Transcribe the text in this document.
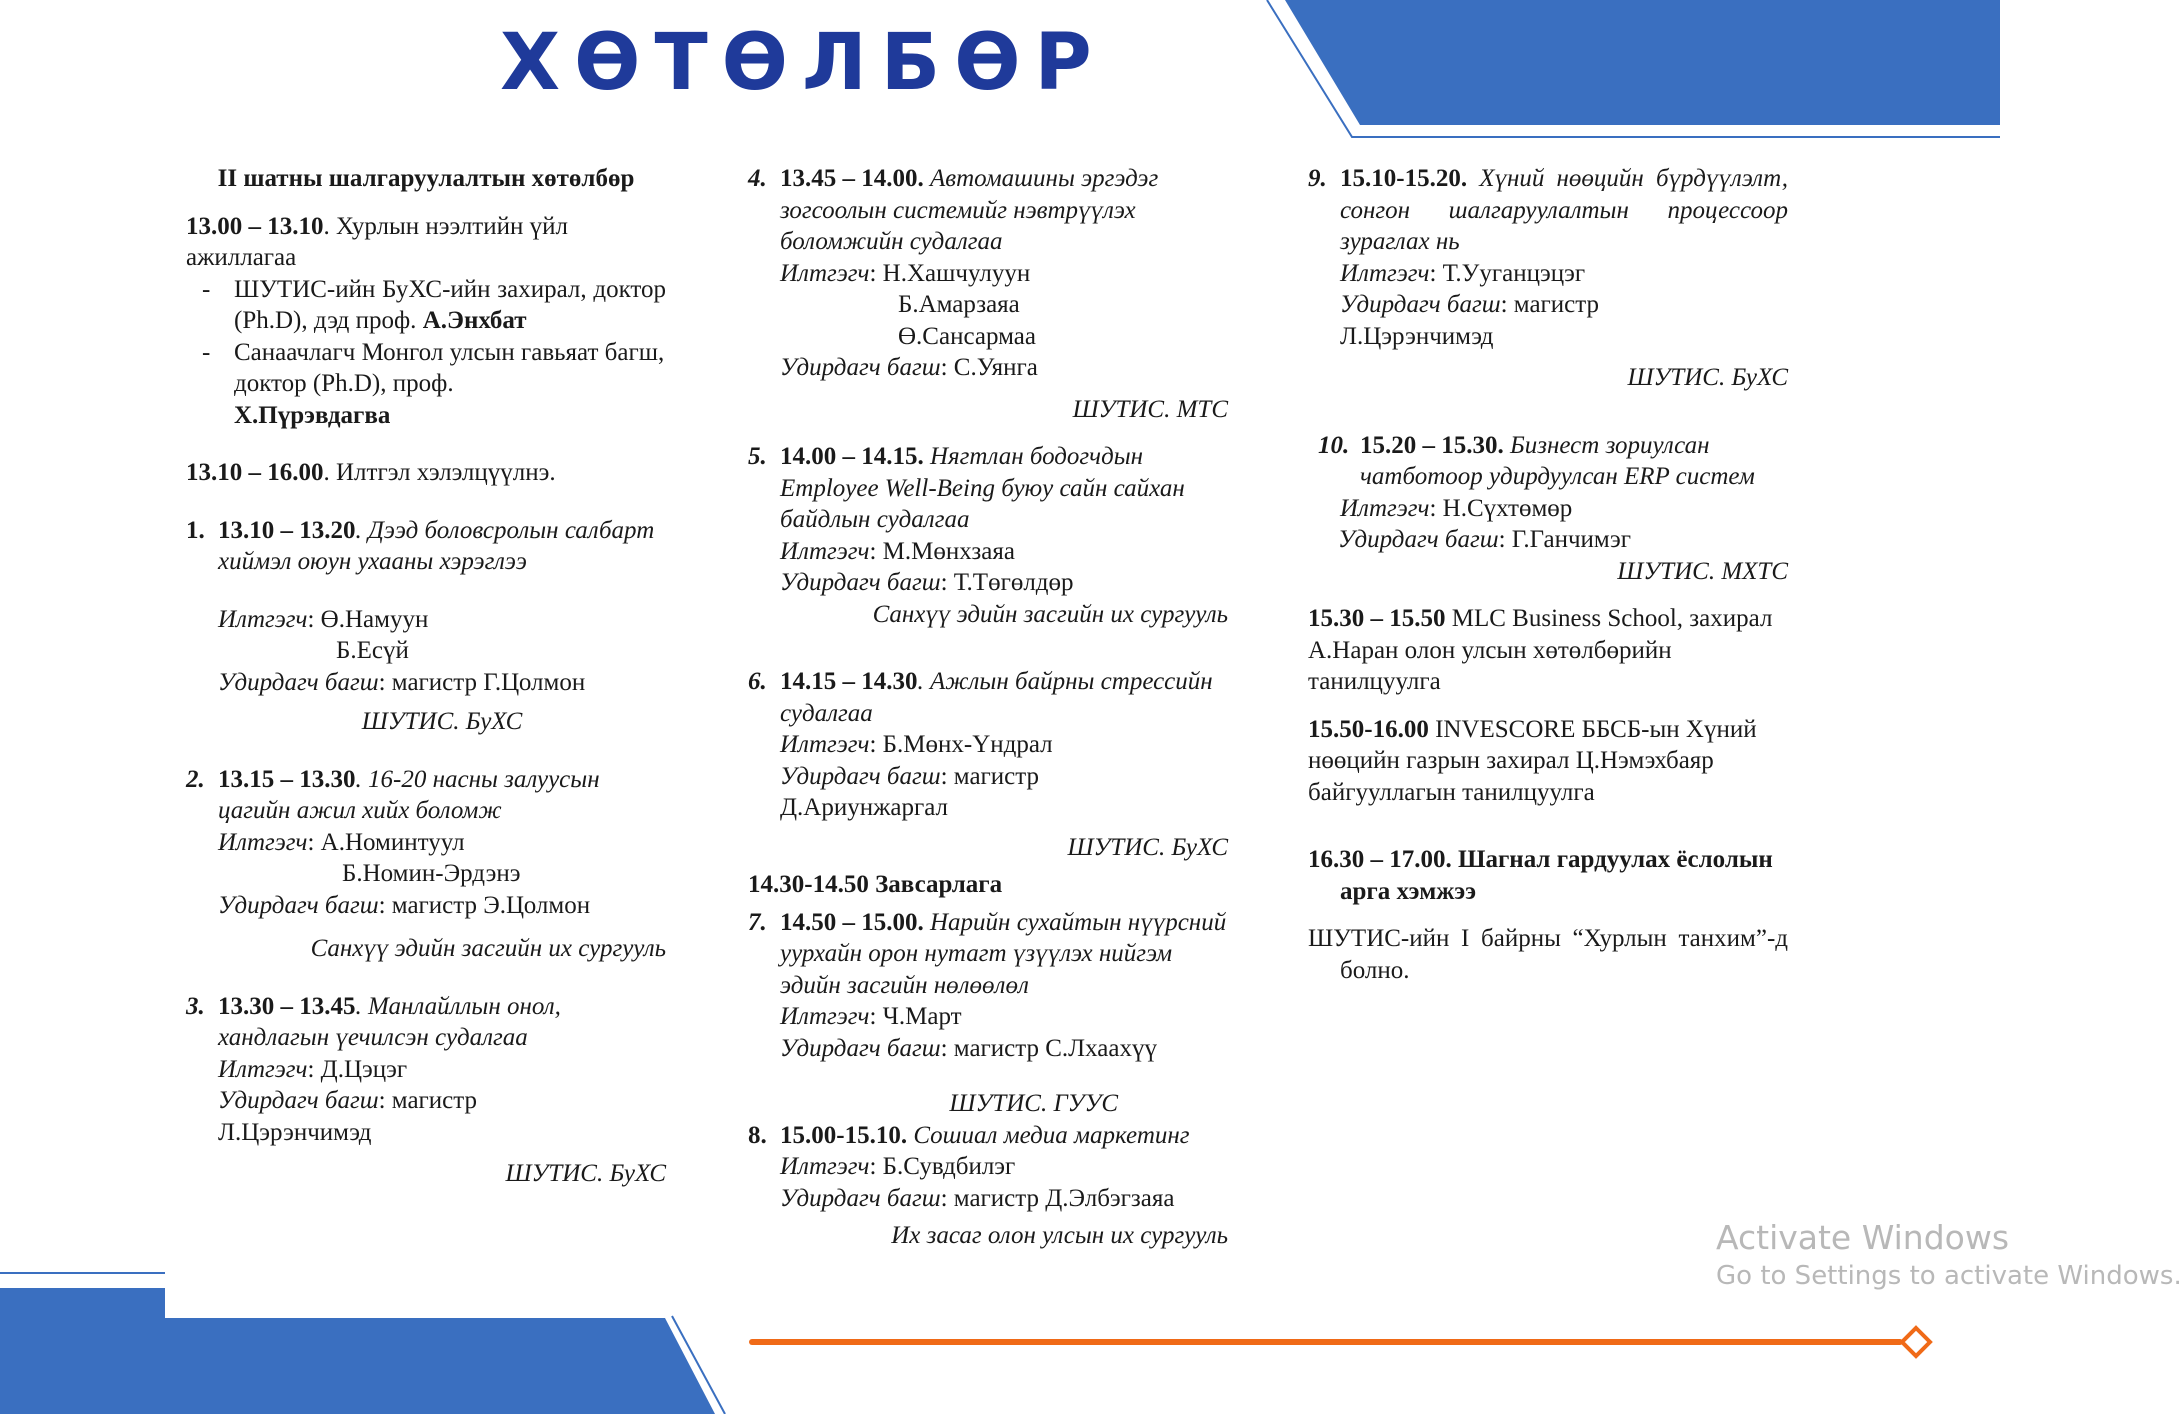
ХӨТӨЛБӨР

II шатны шалгаруулалтын хөтөлбөр

13.00 – 13.10. Хурлын нээлтийн үйл ажиллагаа

- ШУТИС-ийн БуХС-ийн захирал, доктор (Ph.D), дэд проф. А.Энхбат

- Санаачлагч Монгол улсын гавьяат багш, доктор (Ph.D), проф.
Х.Пүрэвдагва

13.10 – 16.00. Илтгэл хэлэлцүүлнэ.

1. 13.10 – 13.20. Дээд боловсролын салбарт хиймэл оюун ухааны хэрэглээ

Илтгэгч: Ө.Намуун

Б.Есүй

Удирдагч багш: магистр Г.Цолмон

ШУТИС. БуХС

2. 13.15 – 13.30. 16-20 насны залуусын цагийн ажил хийх боломж

Илтгэгч: А.Номинтуул

Б.Номин-Эрдэнэ

Удирдагч багш: магистр Э.Цолмон

Санхүү эдийн засгийн их сургууль

3. 13.30 – 13.45. Манлайллын онол, хандлагын үечилсэн судалгаа

Илтгэгч: Д.Цэцэг

Удирдагч багш: магистр

Л.Цэрэнчимэд

ШУТИС. БуХС

4. 13.45 – 14.00. Автомашины эргэдэг зогсоолын системийг нэвтрүүлэх боломжийн судалгаа

Илтгэгч: Н.Хашчулуун

Б.Амарзаяа

Ө.Сансармаа

Удирдагч багш: С.Уянга

ШУТИС. МТС

5. 14.00 – 14.15. Нягтлан бодогчдын Employee Well-Being буюу сайн сайхан байдлын судалгаа

Илтгэгч: М.Мөнхзаяа

Удирдагч багш: Т.Төгөлдөр

Санхүү эдийн засгийн их сургууль

6. 14.15 – 14.30. Ажлын байрны стрессийн судалгаа

Илтгэгч: Б.Мөнх-Үндрал

Удирдагч багш: магистр

Д.Ариунжаргал

ШУТИС. БуХС

14.30-14.50 Завсарлага

7. 14.50 – 15.00. Нарийн сухайтын нүүрсний уурхайн орон нутагт үзүүлэх нийгэм эдийн засгийн нөлөөлөл

Илтгэгч: Ч.Март

Удирдагч багш: магистр С.Лхаахүү

ШУТИС. ГУУС

8. 15.00-15.10. Сошиал медиа маркетинг

Илтгэгч: Б.Сувдбилэг

Удирдагч багш: магистр Д.Элбэгзаяа

Их засаг олон улсын их сургууль

9. 15.10-15.20. Хүний нөөцийн бүрдүүлэлт, сонгон шалгаруулалтын процессоор зураглах нь

Илтгэгч: Т.Ууганцэцэг

Удирдагч багш: магистр

Л.Цэрэнчимэд

ШУТИС. БуХС

10. 15.20 – 15.30. Бизнест зориулсан чатботоор удирдуулсан ERP систем

Илтгэгч: Н.Сүхтөмөр

Удирдагч багш: Г.Ганчимэг

ШУТИС. МХТС

15.30 – 15.50 MLC Business School, захирал А.Наран олон улсын хөтөлбөрийн танилцуулга

15.50-16.00 INVESCORE ББСБ-ын Хүний нөөцийн газрын захирал Ц.Нэмэхбаяр байгууллагын танилцуулга

16.30 – 17.00. Шагнал гардуулах ёслолын арга хэмжээ

ШУТИС-ийн I байрны “Хурлын танхим”-д болно.

Activate Windows
Go to Settings to activate Windows.
